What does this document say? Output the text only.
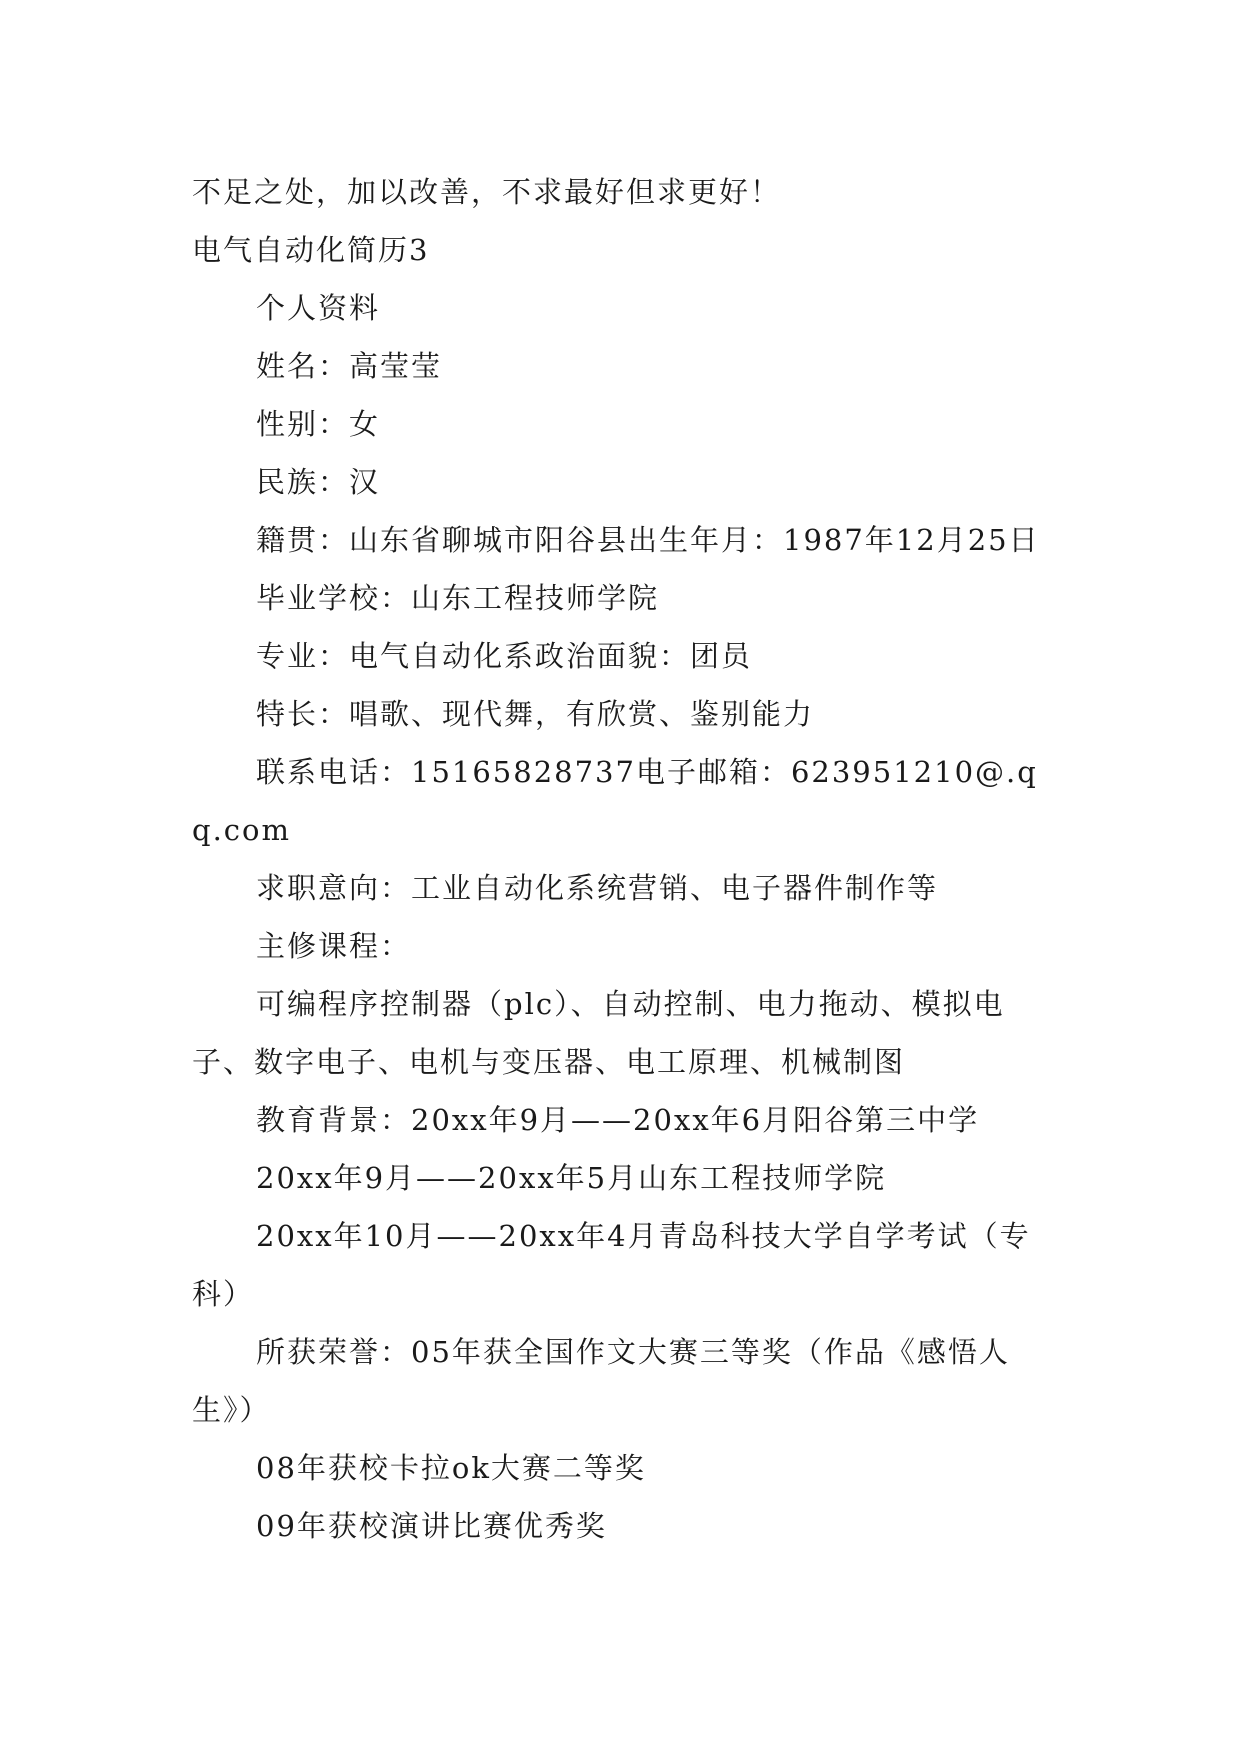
不足之处，加以改善，不求最好但求更好！

电气自动化简历3

个人资料

姓名：高莹莹

性别：女

民族：汉

籍贯：山东省聊城市阳谷县出生年月：1987年12月25日

毕业学校：山东工程技师学院

专业：电气自动化系政治面貌：团员

特长：唱歌、现代舞，有欣赏、鉴别能力

联系电话：15165828737电子邮箱：623951210@.qq.com

求职意向：工业自动化系统营销、电子器件制作等

主修课程：

可编程序控制器（plc）、自动控制、电力拖动、模拟电子、数字电子、电机与变压器、电工原理、机械制图

教育背景：20xx年9月——20xx年6月阳谷第三中学

20xx年9月——20xx年5月山东工程技师学院

20xx年10月——20xx年4月青岛科技大学自学考试（专科）

所获荣誉：05年获全国作文大赛三等奖（作品《感悟人生》）

08年获校卡拉ok大赛二等奖

09年获校演讲比赛优秀奖
